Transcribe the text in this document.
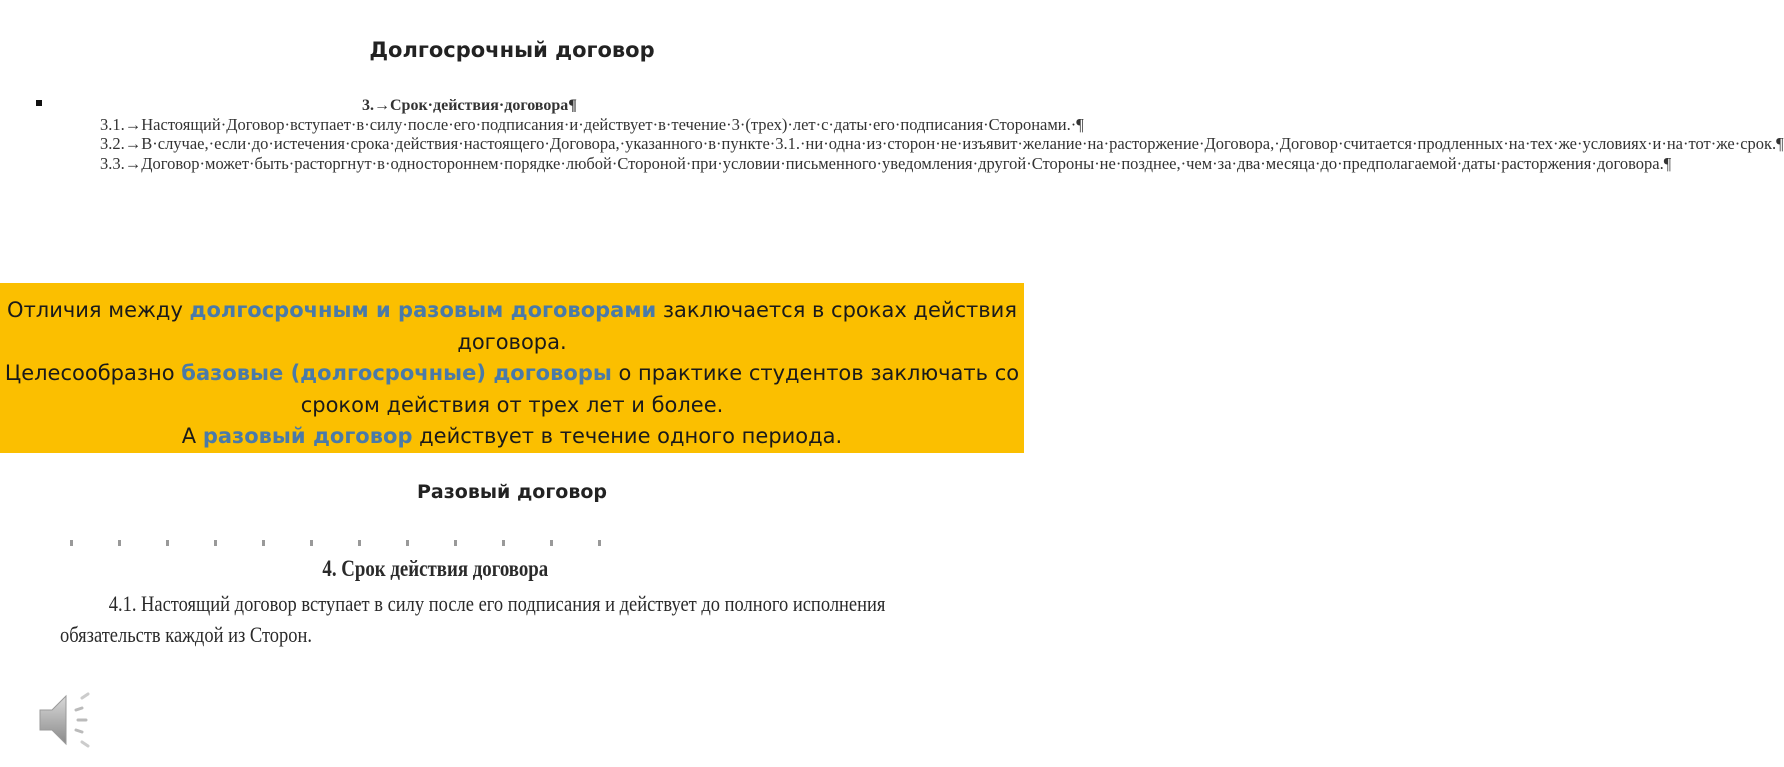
Долгосрочный договор
3.→Срок·действия·договора¶

3.1.→Настоящий·Договор·вступает·в·силу·после·его·подписания·и·действует·в·течение·3·(трех)·лет·с·даты·его·подписания·Сторонами.·¶

3.2.→В·случае,·если·до·истечения·срока·действия·настоящего·Договора,·указанного·в·пункте·3.1.·ни·одна·из·сторон·не·изъявит·желание·на·расторжение·Договора,·Договор·считается·продленных·на·тех·же·условиях·и·на·тот·же·срок.¶

3.3.→Договор·может·быть·расторгнут·в·одностороннем·порядке·любой·Стороной·при·условии·письменного·уведомления·другой·Стороны·не·позднее,·чем·за·два·месяца·до·предполагаемой·даты·расторжения·договора.¶

Отличия между долгосрочным и разовым договорами заключается в сроках действия договора.
Целесообразно базовые (долгосрочные) договоры о практике студентов заключать со сроком действия от трех лет и более.
А разовый договор действует в течение одного периода.
Разовый договор
4. Срок действия договора

4.1. Настоящий договор вступает в силу после его подписания и действует до полного исполнения обязательств каждой из Сторон.
